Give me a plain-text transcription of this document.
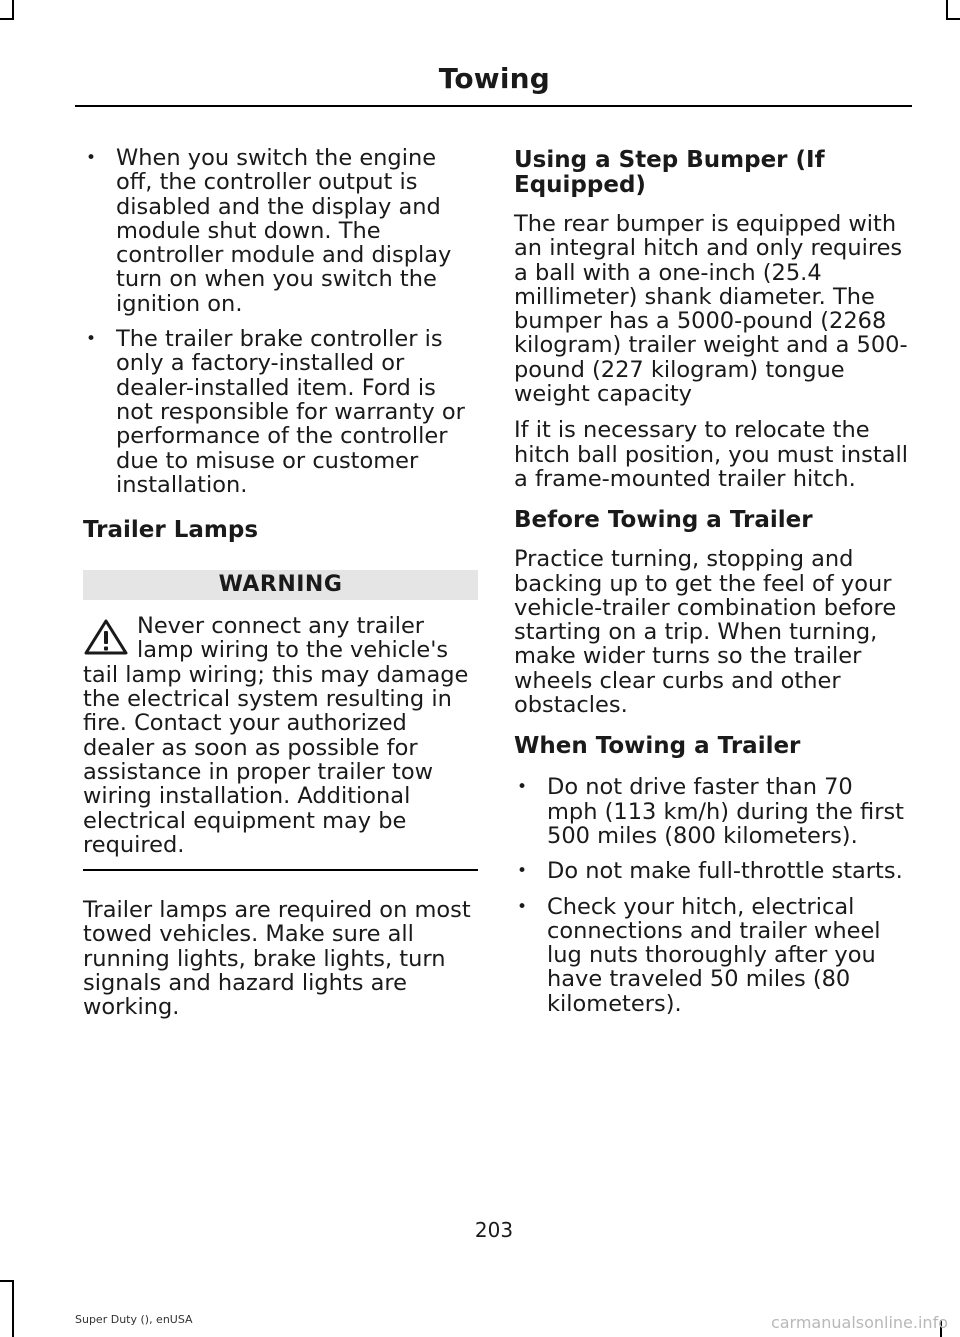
Towing
• When you switch the engine off, the controller output is disabled and the display and module shut down. The controller module and display turn on when you switch the ignition on.
• The trailer brake controller is only a factory-installed or dealer-installed item. Ford is not responsible for warranty or performance of the controller due to misuse or customer installation.
Trailer Lamps
WARNING

Never connect any trailer lamp wiring to the vehicle's tail lamp wiring; this may damage the electrical system resulting in fire. Contact your authorized dealer as soon as possible for assistance in proper trailer tow wiring installation. Additional electrical equipment may be required.

Trailer lamps are required on most towed vehicles. Make sure all running lights, brake lights, turn signals and hazard lights are working.

Using a Step Bumper (If Equipped)

The rear bumper is equipped with an integral hitch and only requires a ball with a one-inch (25.4 millimeter) shank diameter. The bumper has a 5000-pound (2268 kilogram) trailer weight and a 500-pound (227 kilogram) tongue weight capacity

If it is necessary to relocate the hitch ball position, you must install a frame-mounted trailer hitch.

Before Towing a Trailer

Practice turning, stopping and backing up to get the feel of your vehicle-trailer combination before starting on a trip. When turning, make wider turns so the trailer wheels clear curbs and other obstacles.

When Towing a Trailer
• Do not drive faster than 70 mph (113 km/h) during the first 500 miles (800 kilometers).
• Do not make full-throttle starts.
• Check your hitch, electrical connections and trailer wheel lug nuts thoroughly after you have traveled 50 miles (80 kilometers).
203
Super Duty (), enUSA	carmanualsonline.info
